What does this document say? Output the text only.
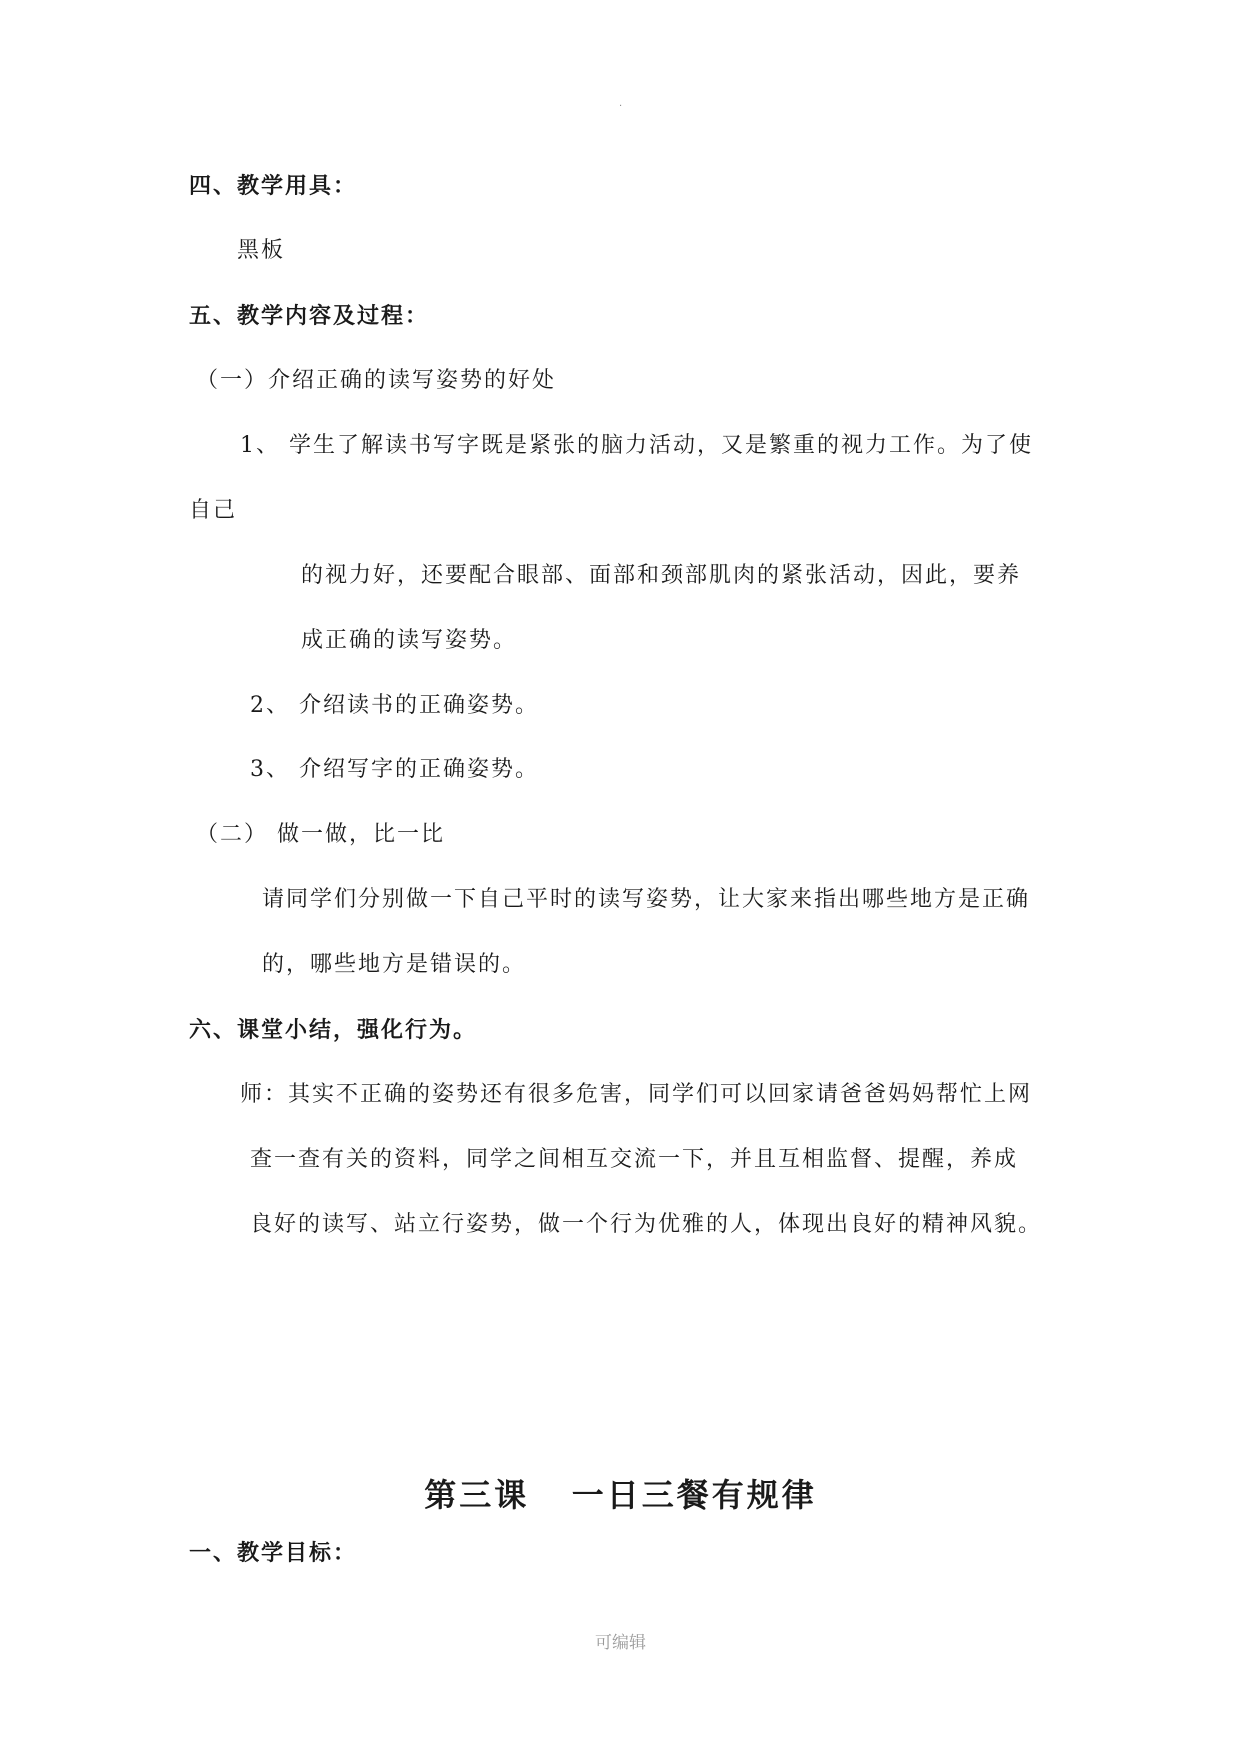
.
四、教学用具：
黑板
五、教学内容及过程：
（一）介绍正确的读写姿势的好处
1、 学生了解读书写字既是紧张的脑力活动，又是繁重的视力工作。为了使
自己
的视力好，还要配合眼部、面部和颈部肌肉的紧张活动，因此，要养
成正确的读写姿势。
2、 介绍读书的正确姿势。
3、 介绍写字的正确姿势。
（二） 做一做，比一比
请同学们分别做一下自己平时的读写姿势，让大家来指出哪些地方是正确
的，哪些地方是错误的。
六、课堂小结，强化行为。
师：其实不正确的姿势还有很多危害，同学们可以回家请爸爸妈妈帮忙上网
查一查有关的资料，同学之间相互交流一下，并且互相监督、提醒，养成
良好的读写、站立行姿势，做一个行为优雅的人，体现出良好的精神风貌。
第三课   一日三餐有规律
一、教学目标：
可编辑
